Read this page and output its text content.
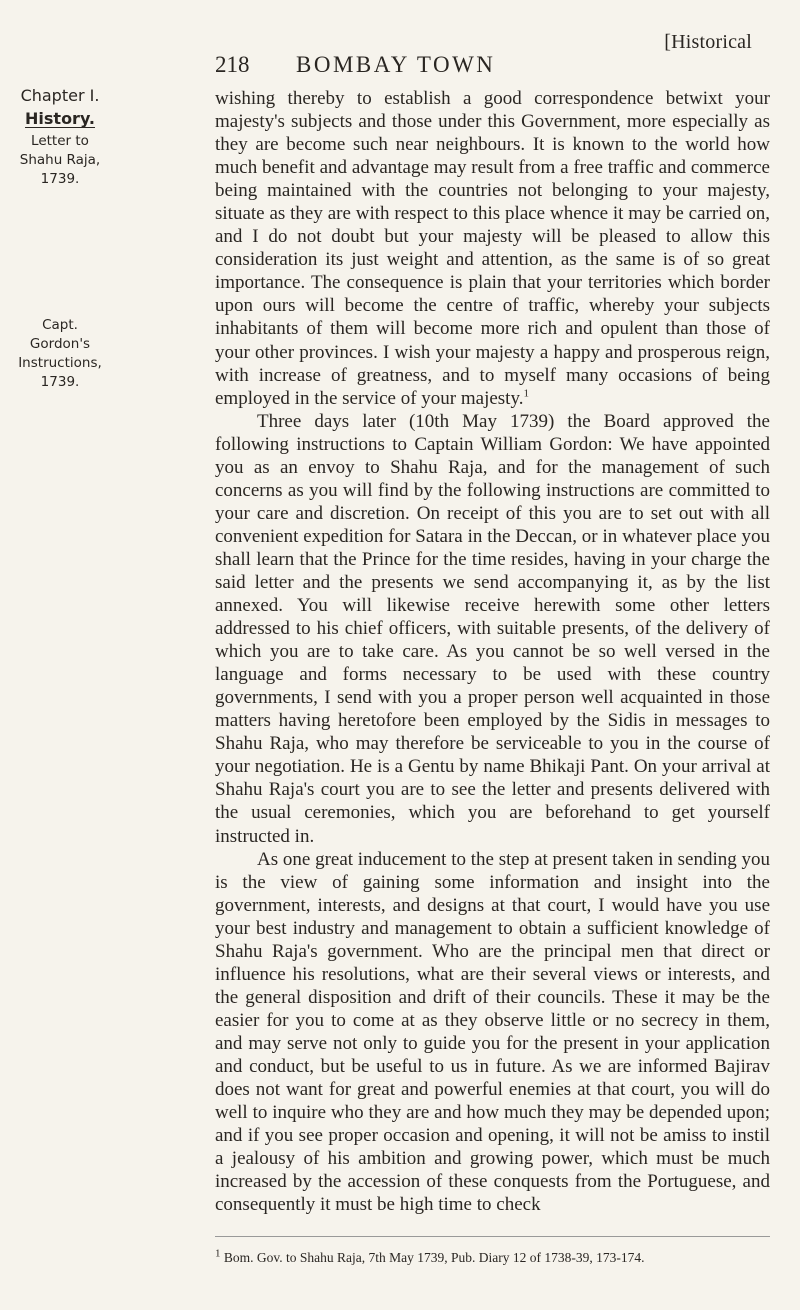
[Historical
218 BOMBAY TOWN
Chapter I.
History.
Letter to
Shahu Raja,
1739.
Capt. Gordon's
Instructions,
1739.

wishing thereby to establish a good correspondence betwixt your majesty's subjects and those under this Government, more especially as they are become such near neighbours. It is known to the world how much benefit and advantage may result from a free traffic and commerce being maintained with the countries not belonging to your majesty, situate as they are with respect to this place whence it may be carried on, and I do not doubt but your majesty will be pleased to allow this consideration its just weight and attention, as the same is of so great importance. The consequence is plain that your territories which border upon ours will become the centre of traffic, whereby your subjects inhabitants of them will become more rich and opulent than those of your other provinces. I wish your majesty a happy and prosperous reign, with increase of greatness, and to myself many occasions of being employed in the service of your majesty.$^1$

Three days later (10th May 1739) the Board approved the following instructions to Captain William Gordon: We have appointed you as an envoy to Shahu Raja, and for the management of such concerns as you will find by the following instructions are committed to your care and discretion. On receipt of this you are to set out with all convenient expedition for Satara in the Deccan, or in whatever place you shall learn that the Prince for the time resides, having in your charge the said letter and the presents we send accompanying it, as by the list annexed. You will likewise receive herewith some other letters addressed to his chief officers, with suitable presents, of the delivery of which you are to take care. As you cannot be so well versed in the language and forms necessary to be used with these country governments, I send with you a proper person well acquainted in those matters having heretofore been employed by the Sidis in messages to Shahu Raja, who may therefore be serviceable to you in the course of your negotiation. He is a Gentu by name Bhikaji Pant. On your arrival at Shahu Raja's court you are to see the letter and presents delivered with the usual ceremonies, which you are beforehand to get yourself instructed in.

As one great inducement to the step at present taken in sending you is the view of gaining some information and insight into the government, interests, and designs at that court, I would have you use your best industry and management to obtain a sufficient knowledge of Shahu Raja's government. Who are the principal men that direct or influence his resolutions, what are their several views or interests, and the general disposition and drift of their councils. These it may be the easier for you to come at as they observe little or no secrecy in them, and may serve not only to guide you for the present in your application and conduct, but be useful to us in future. As we are informed Bajirav does not want for great and powerful enemies at that court, you will do well to inquire who they are and how much they may be depended upon; and if you see proper occasion and opening, it will not be amiss to instil a jealousy of his ambition and growing power, which must be much increased by the accession of these conquests from the Portuguese, and consequently it must be high time to check

$^1$ Bom. Gov. to Shahu Raja, 7th May 1739, Pub. Diary 12 of 1738-39, 173-174.
